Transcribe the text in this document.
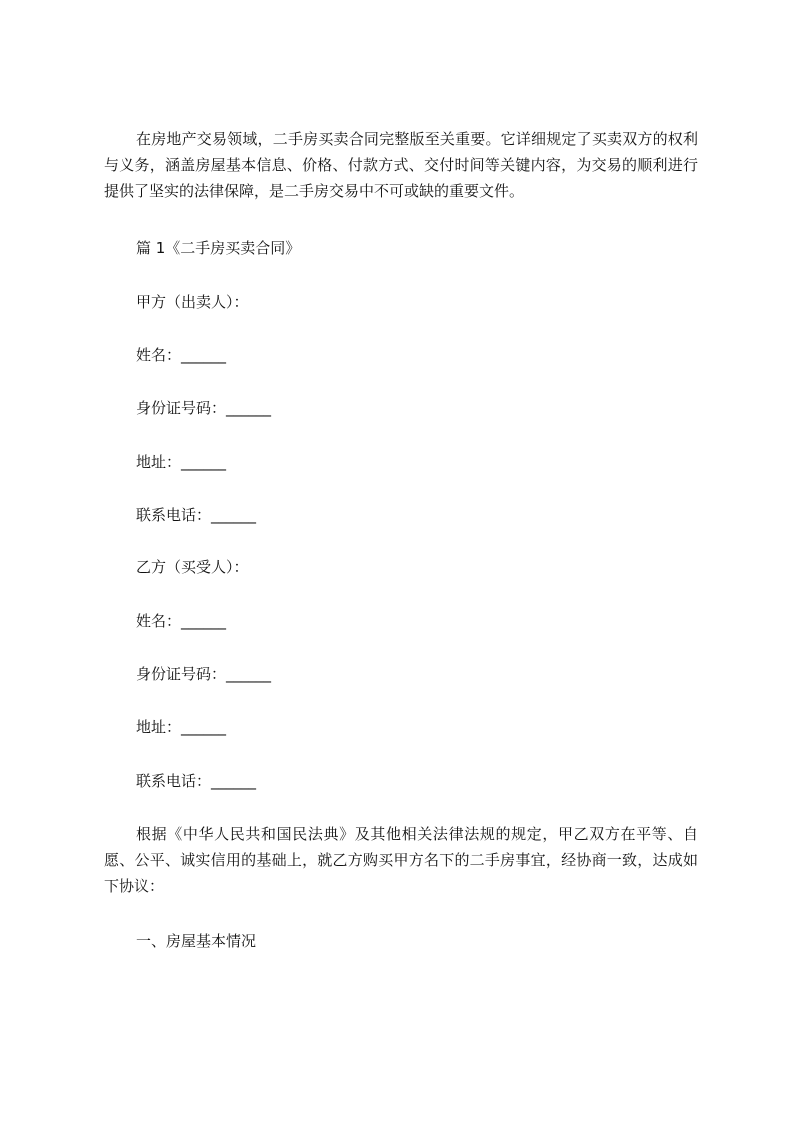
在房地产交易领域，二手房买卖合同完整版至关重要。它详细规定了买卖双方的权利与义务，涵盖房屋基本信息、价格、付款方式、交付时间等关键内容，为交易的顺利进行提供了坚实的法律保障，是二手房交易中不可或缺的重要文件。

篇 1《二手房买卖合同》

甲方（出卖人）：

姓名：______

身份证号码：______

地址：______

联系电话：______

乙方（买受人）：

姓名：______

身份证号码：______

地址：______

联系电话：______

根据《中华人民共和国民法典》及其他相关法律法规的规定，甲乙双方在平等、自愿、公平、诚实信用的基础上，就乙方购买甲方名下的二手房事宜，经协商一致，达成如下协议：

一、房屋基本情况
